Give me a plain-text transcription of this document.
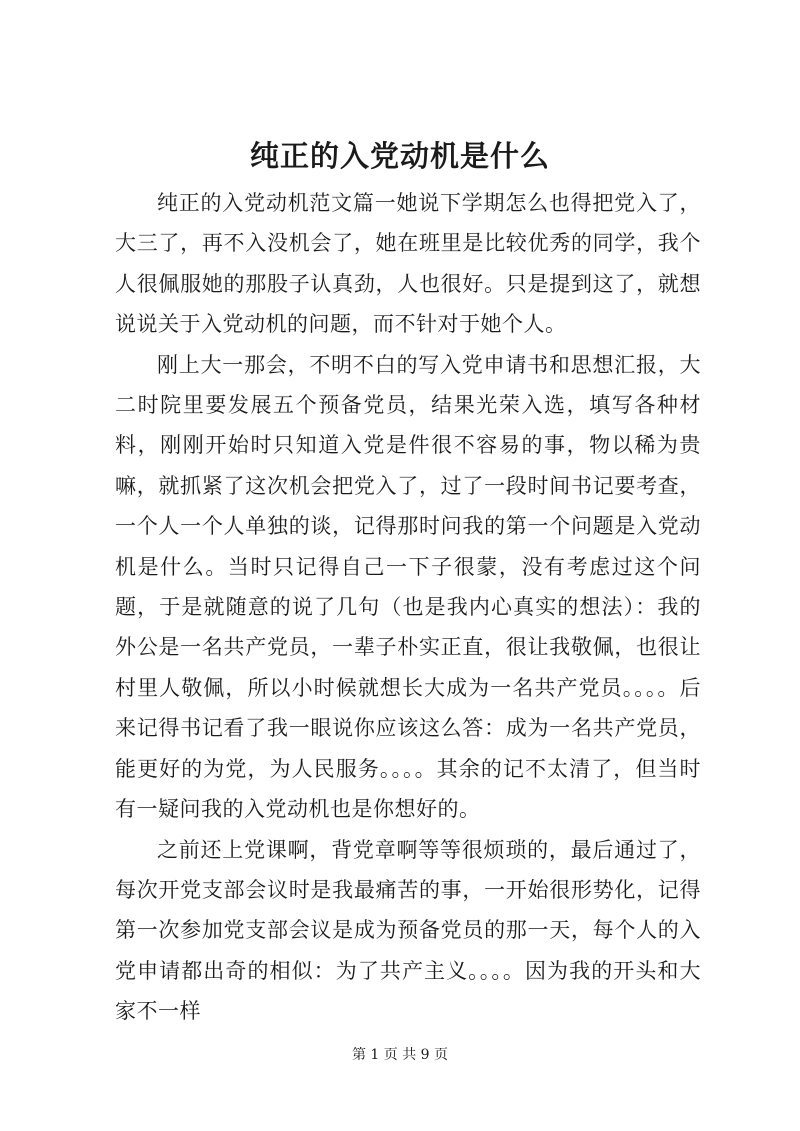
纯正的入党动机是什么

纯正的入党动机范文篇一她说下学期怎么也得把党入了，大三了，再不入没机会了，她在班里是比较优秀的同学，我个人很佩服她的那股子认真劲，人也很好。只是提到这了，就想说说关于入党动机的问题，而不针对于她个人。

刚上大一那会，不明不白的写入党申请书和思想汇报，大二时院里要发展五个预备党员，结果光荣入选，填写各种材料，刚刚开始时只知道入党是件很不容易的事，物以稀为贵嘛，就抓紧了这次机会把党入了，过了一段时间书记要考查，一个人一个人单独的谈，记得那时问我的第一个问题是入党动机是什么。当时只记得自己一下子很蒙，没有考虑过这个问题，于是就随意的说了几句（也是我内心真实的想法）：我的外公是一名共产党员，一辈子朴实正直，很让我敬佩，也很让村里人敬佩，所以小时候就想长大成为一名共产党员。。。。后来记得书记看了我一眼说你应该这么答：成为一名共产党员，能更好的为党，为人民服务。。。。其余的记不太清了，但当时有一疑问我的入党动机也是你想好的。

之前还上党课啊，背党章啊等等很烦琐的，最后通过了，每次开党支部会议时是我最痛苦的事，一开始很形势化，记得第一次参加党支部会议是成为预备党员的那一天，每个人的入党申请都出奇的相似：为了共产主义。。。。因为我的开头和大家不一样

第 1 页 共 9 页
